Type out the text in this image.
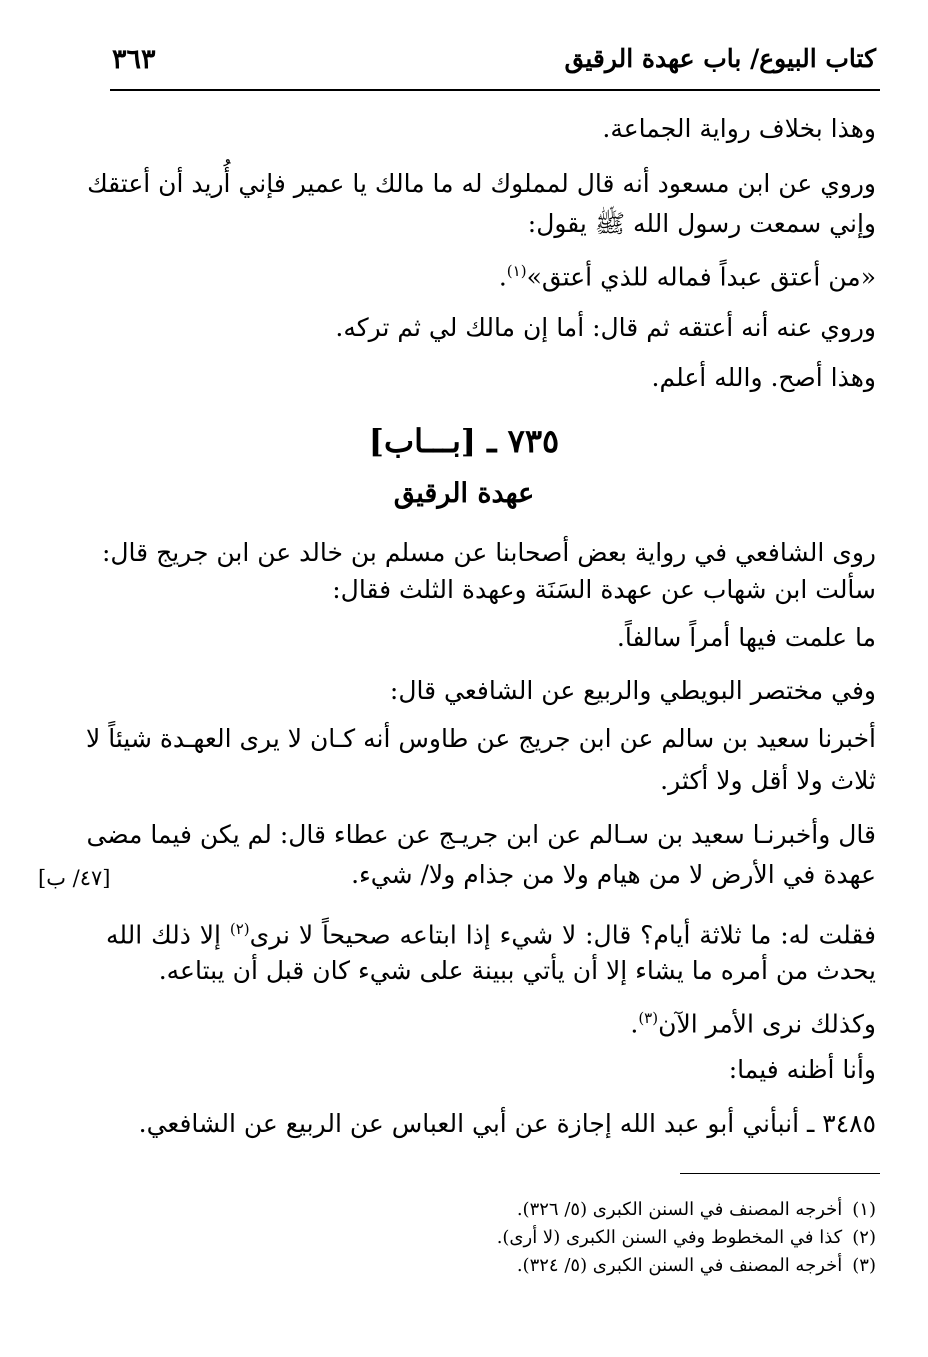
كتاب البيوع/ باب عهدة الرقيق
٣٦٣
وهذا بخلاف رواية الجماعة.
وروي عن ابن مسعود أنه قال لمملوك له ما مالك يا عمير فإني أُريد أن أعتقك
وإني سمعت رسول الله ﷺ يقول:
«من أعتق عبداً فماله للذي أعتق»$^{(١)}$.
وروي عنه أنه أعتقه ثم قال: أما إن مالك لي ثم تركه.
وهذا أصح. والله أعلم.
٧٣٥ ـ [بـــاب]
عهدة الرقيق
روى الشافعي في رواية بعض أصحابنا عن مسلم بن خالد عن ابن جريج قال:
سألت ابن شهاب عن عهدة السَنَة وعهدة الثلث فقال:
ما علمت فيها أمراً سالفاً.
وفي مختصر البويطي والربيع عن الشافعي قال:
أخبرنا سعيد بن سالم عن ابن جريج عن طاوس أنه كـان لا يرى العهـدة شيئاً لا
ثلاث ولا أقل ولا أكثر.
قال وأخبرنـا سعيد بن سـالم عن ابن جريـج عن عطاء قال: لم يكن فيما مضى
عهدة في الأرض لا من هيام ولا من جذام ولا/ شيء.
[٤٧/ ب]
فقلت له: ما ثلاثة أيام؟ قال: لا شيء إذا ابتاعه صحيحاً لا نرى$^{(٢)}$ إلا ذلك الله
يحدث من أمره ما يشاء إلا أن يأتي ببينة على شيء كان قبل أن يبتاعه.
وكذلك نرى الأمر الآن$^{(٣)}$.
وأنا أظنه فيما:
٣٤٨٥ ـ أنبأني أبو عبد الله إجازة عن أبي العباس عن الربيع عن الشافعي.
(١)أخرجه المصنف في السنن الكبرى (٥/ ٣٢٦).
(٢)كذا في المخطوط وفي السنن الكبرى (لا أرى).
(٣)أخرجه المصنف في السنن الكبرى (٥/ ٣٢٤).
